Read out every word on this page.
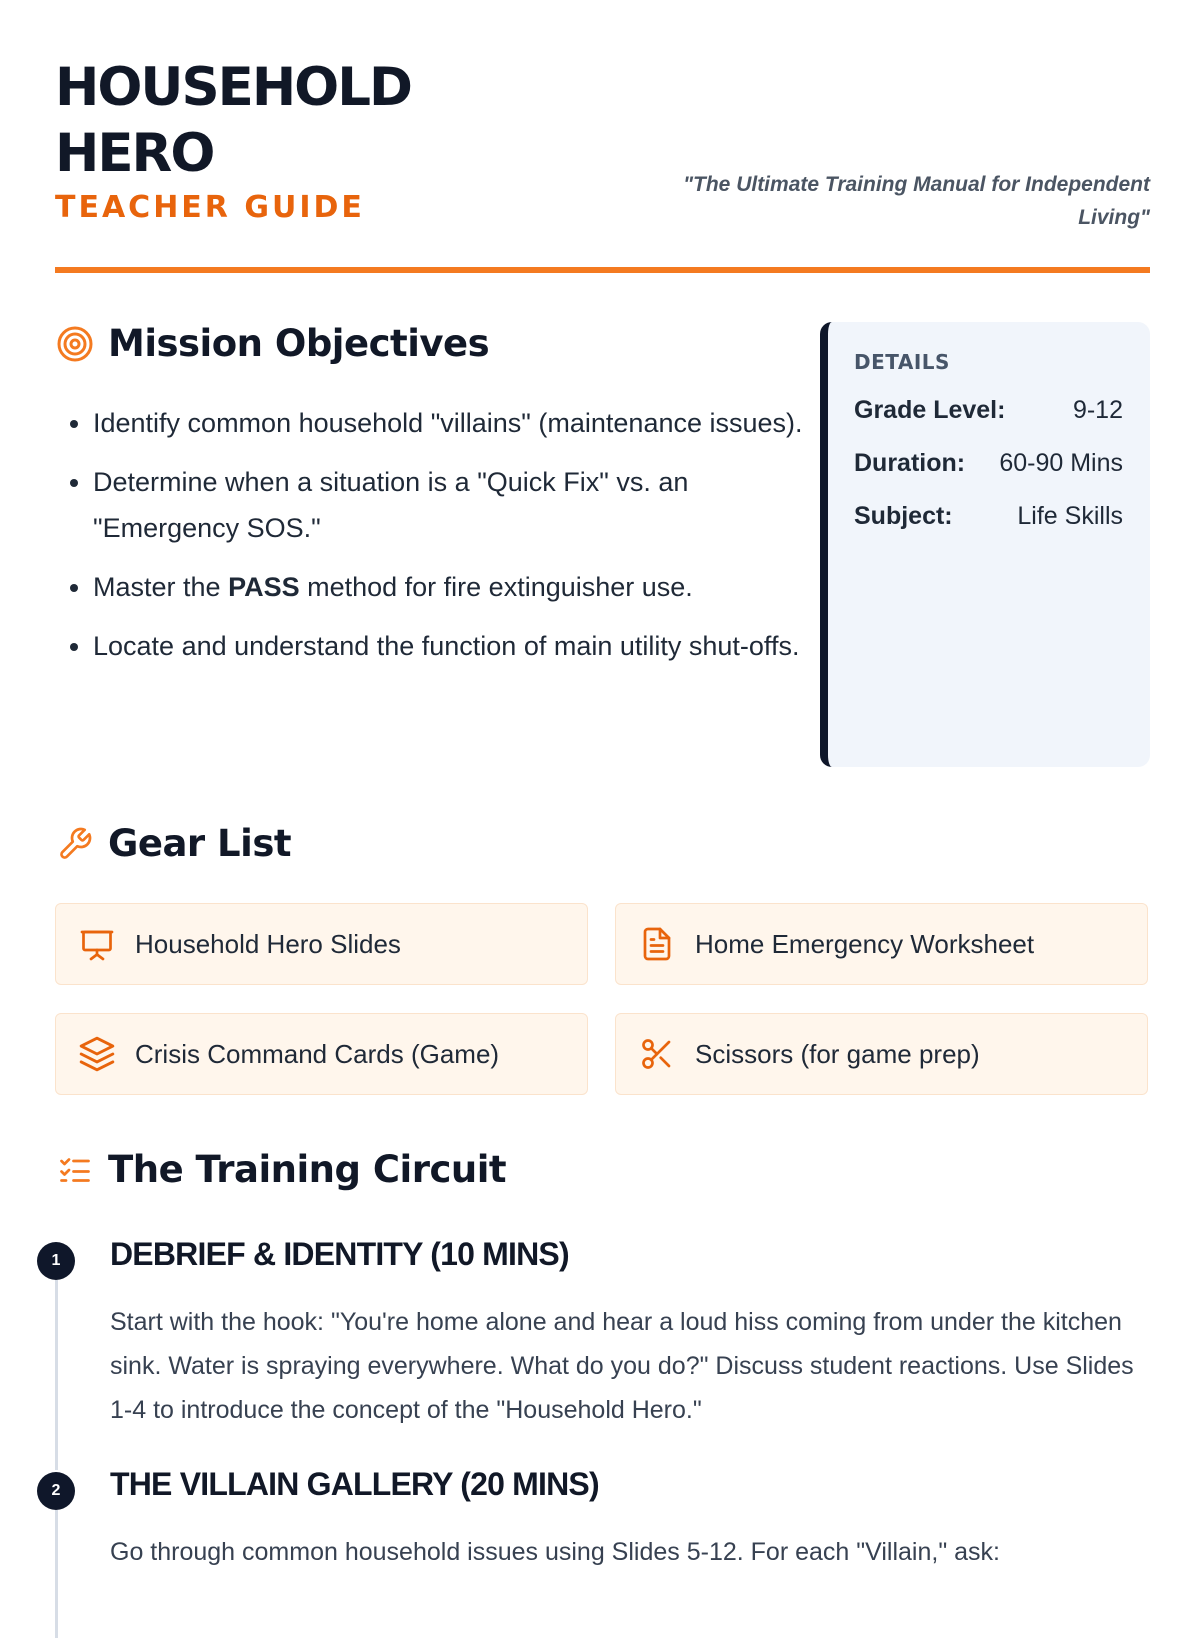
HOUSEHOLD
HERO
TEACHER GUIDE
"The Ultimate Training Manual for Independent Living"
Mission Objectives
• Identify common household "villains" (maintenance issues).
• Determine when a situation is a "Quick Fix" vs. an "Emergency SOS."
• Master the PASS method for fire extinguisher use.
• Locate and understand the function of main utility shut-offs.
DETAILS
Grade Level:	9-12
Duration: 60-90 Mins
Subject:	Life Skills
Gear List
Household Hero Slides	Home Emergency Worksheet
Crisis Command Cards (Game)	Scissors (for game prep)
The Training Circuit
1	DEBRIEF & IDENTITY (10 MINS)

Start with the hook: "You're home alone and hear a loud hiss coming from under the kitchen sink. Water is spraying everywhere. What do you do?" Discuss student reactions. Use Slides 1-4 to introduce the concept of the "Household Hero."

2	THE VILLAIN GALLERY (20 MINS)

Go through common household issues using Slides 5-12. For each "Villain," ask:
